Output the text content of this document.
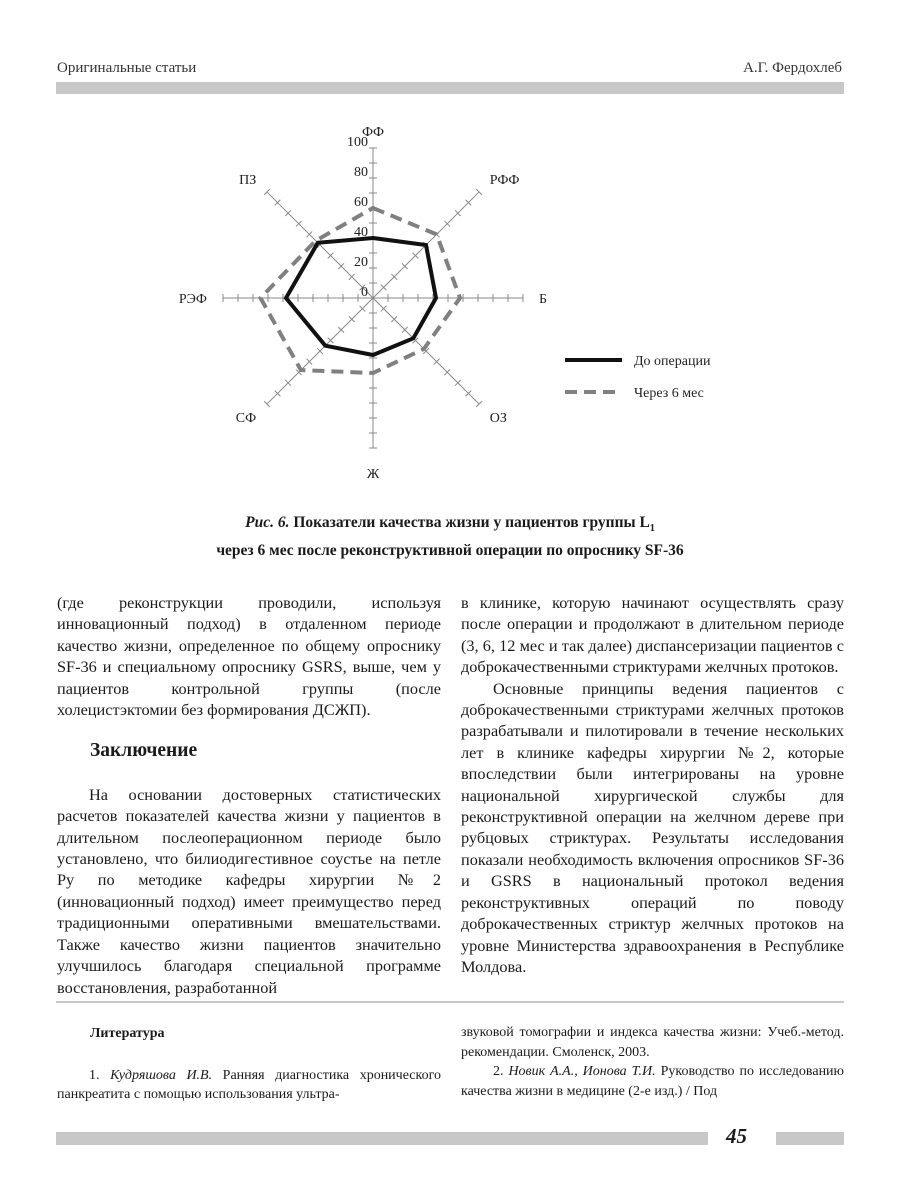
Оригинальные статьи	А.Г. Фердохлеб
0
20
40
60
80
100
ФФ
РФФ
Б
ОЗ
Ж
СФ
РЭФ
ПЗ
До операции
Через 6 мес
Рис. 6. Показатели качества жизни у пациентов группы $L_1$
через 6 мес после реконструктивной операции по опроснику SF-36

(где реконструкции проводили, используя инновационный подход) в отдаленном периоде качество жизни, определенное по общему опроснику SF-36 и специальному опроснику GSRS, выше, чем у пациентов контрольной группы (после холецистэктомии без формирования ДСЖП).

Заключение

На основании достоверных статистических расчетов показателей качества жизни у пациентов в длительном послеоперационном периоде было установлено, что билиодигестивное соустье на петле Ру по методике кафедры хирургии №2 (инновационный подход) имеет преимущество перед традиционными оперативными вмешательствами. Также качество жизни пациентов значительно улучшилось благодаря специальной программе восстановления, разработанной

в клинике, которую начинают осуществлять сразу после операции и продолжают в длительном периоде (3, 6, 12 мес и так далее) диспансеризации пациентов с доброкачественными стриктурами желчных протоков.

Основные принципы ведения пациентов с доброкачественными стриктурами желчных протоков разрабатывали и пилотировали в течение нескольких лет в клинике кафедры хирургии №2, которые впоследствии были интегрированы на уровне национальной хирургической службы для реконструктивной операции на желчном дереве при рубцовых стриктурах. Результаты исследования показали необходимость включения опросников SF-36 и GSRS в национальный протокол ведения реконструктивных операций по поводу доброкачественных стриктур желчных протоков на уровне Министерства здравоохранения в Республике Молдова.

Литература

1. Кудряшова И.В. Ранняя диагностика хронического панкреатита с помощью использования ультра-

звуковой томографии и индекса качества жизни: Учеб.-метод. рекомендации. Смоленск, 2003.

2. Новик А.А., Ионова Т.И. Руководство по исследованию качества жизни в медицине (2-е изд.) / Под

45
